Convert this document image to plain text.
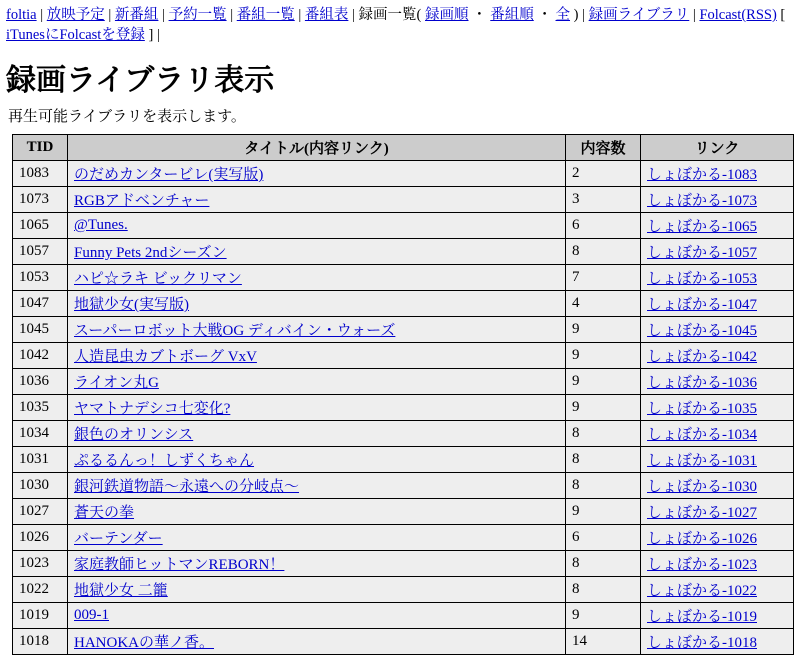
foltia | 放映予定 | 新番組 | 予約一覧 | 番組一覧 | 番組表 | 録画一覧( 録画順 ・ 番組順 ・ 全 ) | 録画ライブラリ | Folcast(RSS) [ iTunesにFolcastを登録 ] |
録画ライブラリ表示
再生可能ライブラリを表示します。
TID	タイトル(内容リンク)	内容数	リンク
1083	のだめカンタービレ(実写版)	2	しょぼかる-1083
1073	RGBアドベンチャー	3	しょぼかる-1073
1065	@Tunes.	6	しょぼかる-1065
1057	Funny Pets 2ndシーズン	8	しょぼかる-1057
1053	ハピ☆ラキ ビックリマン	7	しょぼかる-1053
1047	地獄少女(実写版)	4	しょぼかる-1047
1045	スーパーロボット大戦OG ディバイン・ウォーズ	9	しょぼかる-1045
1042	人造昆虫カブトボーグ VxV	9	しょぼかる-1042
1036	ライオン丸G	9	しょぼかる-1036
1035	ヤマトナデシコ七変化?	9	しょぼかる-1035
1034	銀色のオリンシス	8	しょぼかる-1034
1031	ぷるるんっ！しずくちゃん	8	しょぼかる-1031
1030	銀河鉄道物語〜永遠への分岐点〜	8	しょぼかる-1030
1027	蒼天の拳	9	しょぼかる-1027
1026	バーテンダー	6	しょぼかる-1026
1023	家庭教師ヒットマンREBORN！	8	しょぼかる-1023
1022	地獄少女 二籠	8	しょぼかる-1022
1019	009-1	9	しょぼかる-1019
1018	HANOKAの華ノ香。	14	しょぼかる-1018
